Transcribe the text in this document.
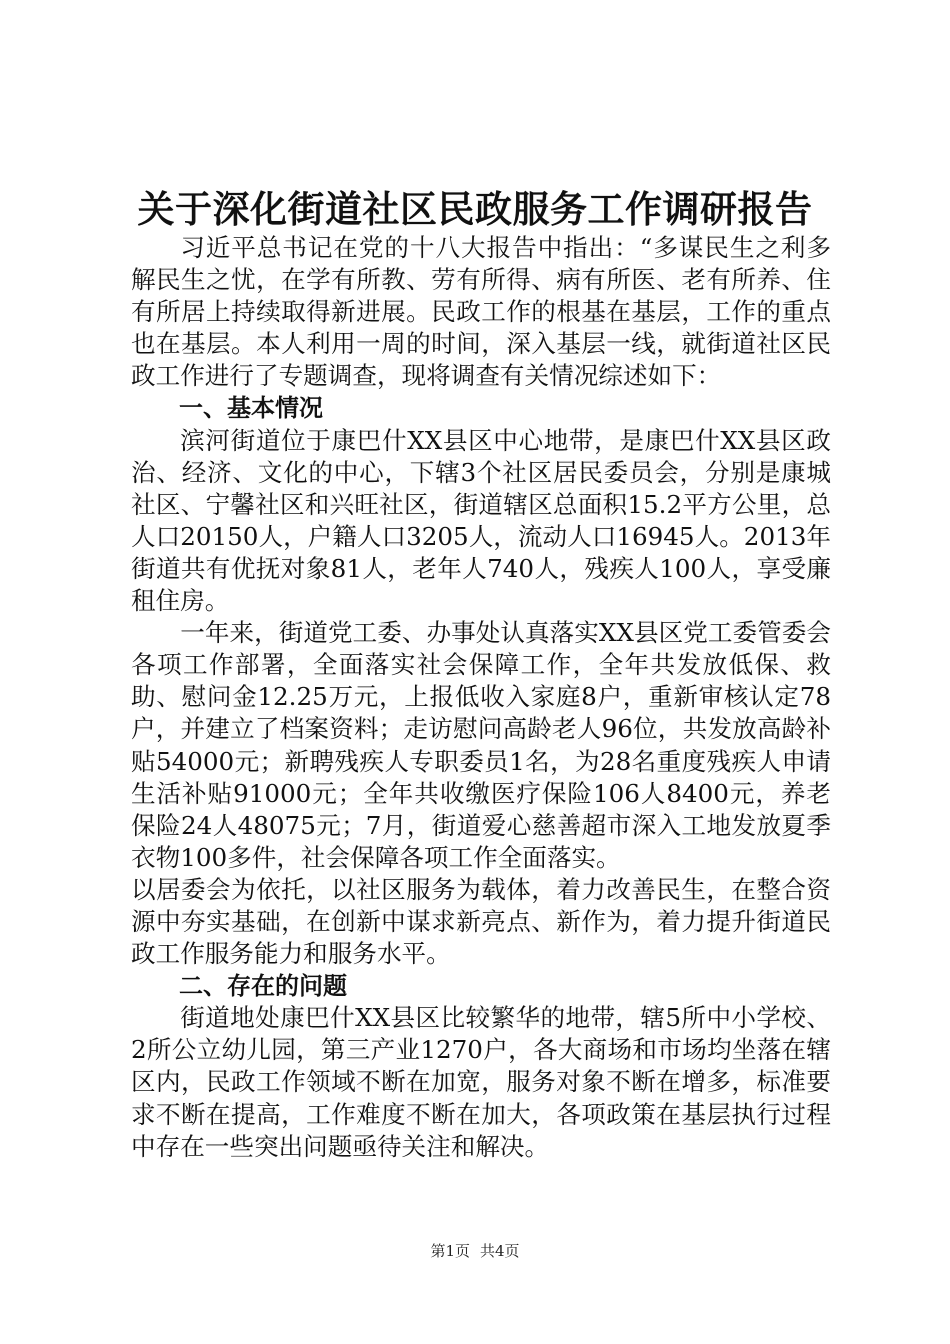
关于深化街道社区民政服务工作调研报告

习近平总书记在党的十八大报告中指出：“多谋民生之利多解民生之忧，在学有所教、劳有所得、病有所医、老有所养、住有所居上持续取得新进展。民政工作的根基在基层，工作的重点也在基层。本人利用一周的时间，深入基层一线，就街道社区民政工作进行了专题调查，现将调查有关情况综述如下：

一、基本情况

滨河街道位于康巴什XX县区中心地带，是康巴什XX县区政治、经济、文化的中心，下辖3个社区居民委员会，分别是康城社区、宁馨社区和兴旺社区，街道辖区总面积15.2平方公里，总人口20150人，户籍人口3205人，流动人口16945人。2013年街道共有优抚对象81人，老年人740人，残疾人100人，享受廉租住房。

一年来，街道党工委、办事处认真落实XX县区党工委管委会各项工作部署，全面落实社会保障工作，全年共发放低保、救助、慰问金12.25万元，上报低收入家庭8户，重新审核认定78户，并建立了档案资料；走访慰问高龄老人96位，共发放高龄补贴54000元；新聘残疾人专职委员1名，为28名重度残疾人申请生活补贴91000元；全年共收缴医疗保险106人8400元，养老保险24人48075元；7月，街道爱心慈善超市深入工地发放夏季衣物100多件，社会保障各项工作全面落实。

以居委会为依托，以社区服务为载体，着力改善民生，在整合资源中夯实基础，在创新中谋求新亮点、新作为，着力提升街道民政工作服务能力和服务水平。

二、存在的问题

街道地处康巴什XX县区比较繁华的地带，辖5所中小学校、2所公立幼儿园，第三产业1270户，各大商场和市场均坐落在辖区内，民政工作领域不断在加宽，服务对象不断在增多，标准要求不断在提高，工作难度不断在加大，各项政策在基层执行过程中存在一些突出问题亟待关注和解决。

第1页 共4页
